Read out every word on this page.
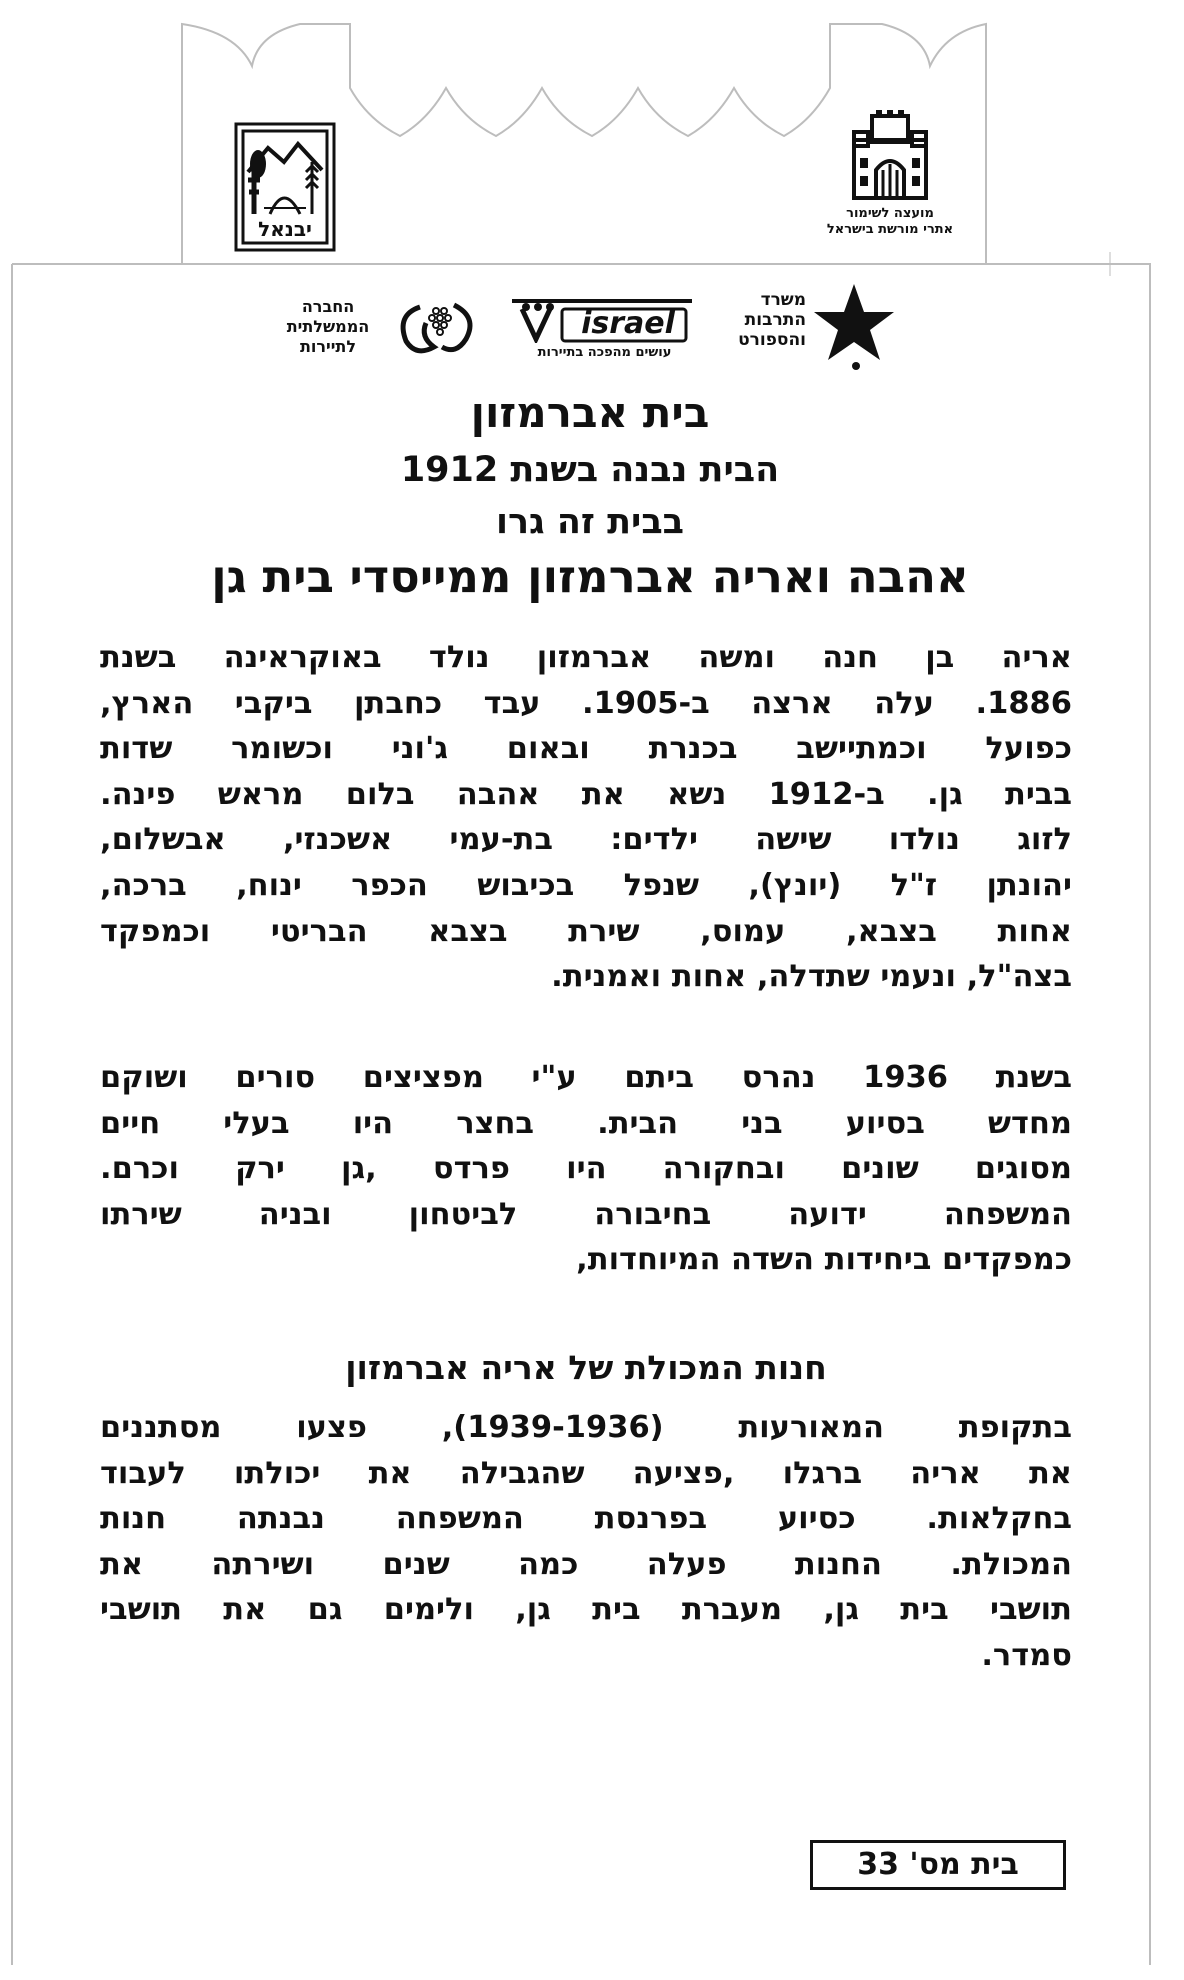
מועצה לשימור
אתרי מורשת בישראל
יבנאל
משרד
התרבות
והספורט
israel
עושים מהפכה בתיירות
החברה
הממשלתית
לתיירות
בית אברמזון
הבית נבנה בשנת 1912
בבית זה גרו
אהבה ואריה אברמזון ממייסדי בית גן
אריה בן חנה ומשה אברמזון נולד באוקראינה בשנת
1886. עלה ארצה ב-1905. עבד כחבתן ביקבי הארץ,
כפועל וכמתיישב בכנרת ובאום ג'וני וכשומר שדות
בבית גן. ב-1912 נשא את אהבה בלום מראש פינה.
לזוג נולדו שישה ילדים: בת-עמי אשכנזי, אבשלום,
יהונתן ז"ל (יונץ), שנפל בכיבוש הכפר ינוח, ברכה,
אחות בצבא, עמוס, שירת בצבא הבריטי וכמפקד
בצה"ל, ונעמי שתדלה, אחות ואמנית.
בשנת 1936 נהרס ביתם ע"י מפציצים סורים ושוקם
מחדש בסיוע בני הבית. בחצר היו בעלי חיים
מסוגים שונים ובחקורה היו פרדס ,גן ירק וכרם.
המשפחה ידועה בחיבורה לביטחון ובניה שירתו
כמפקדים ביחידות השדה המיוחדות,
חנות המכולת של אריה אברמזון
בתקופת המאורעות (1939-1936), פצעו מסתננים
את אריה ברגלו ,פציעה שהגבילה את יכולתו לעבוד
בחקלאות. כסיוע בפרנסת המשפחה נבנתה חנות
המכולת. החנות פעלה כמה שנים ושירתה את
תושבי בית גן, מעברת בית גן, ולימים גם את תושבי
סמדר.
בית מס' 33
